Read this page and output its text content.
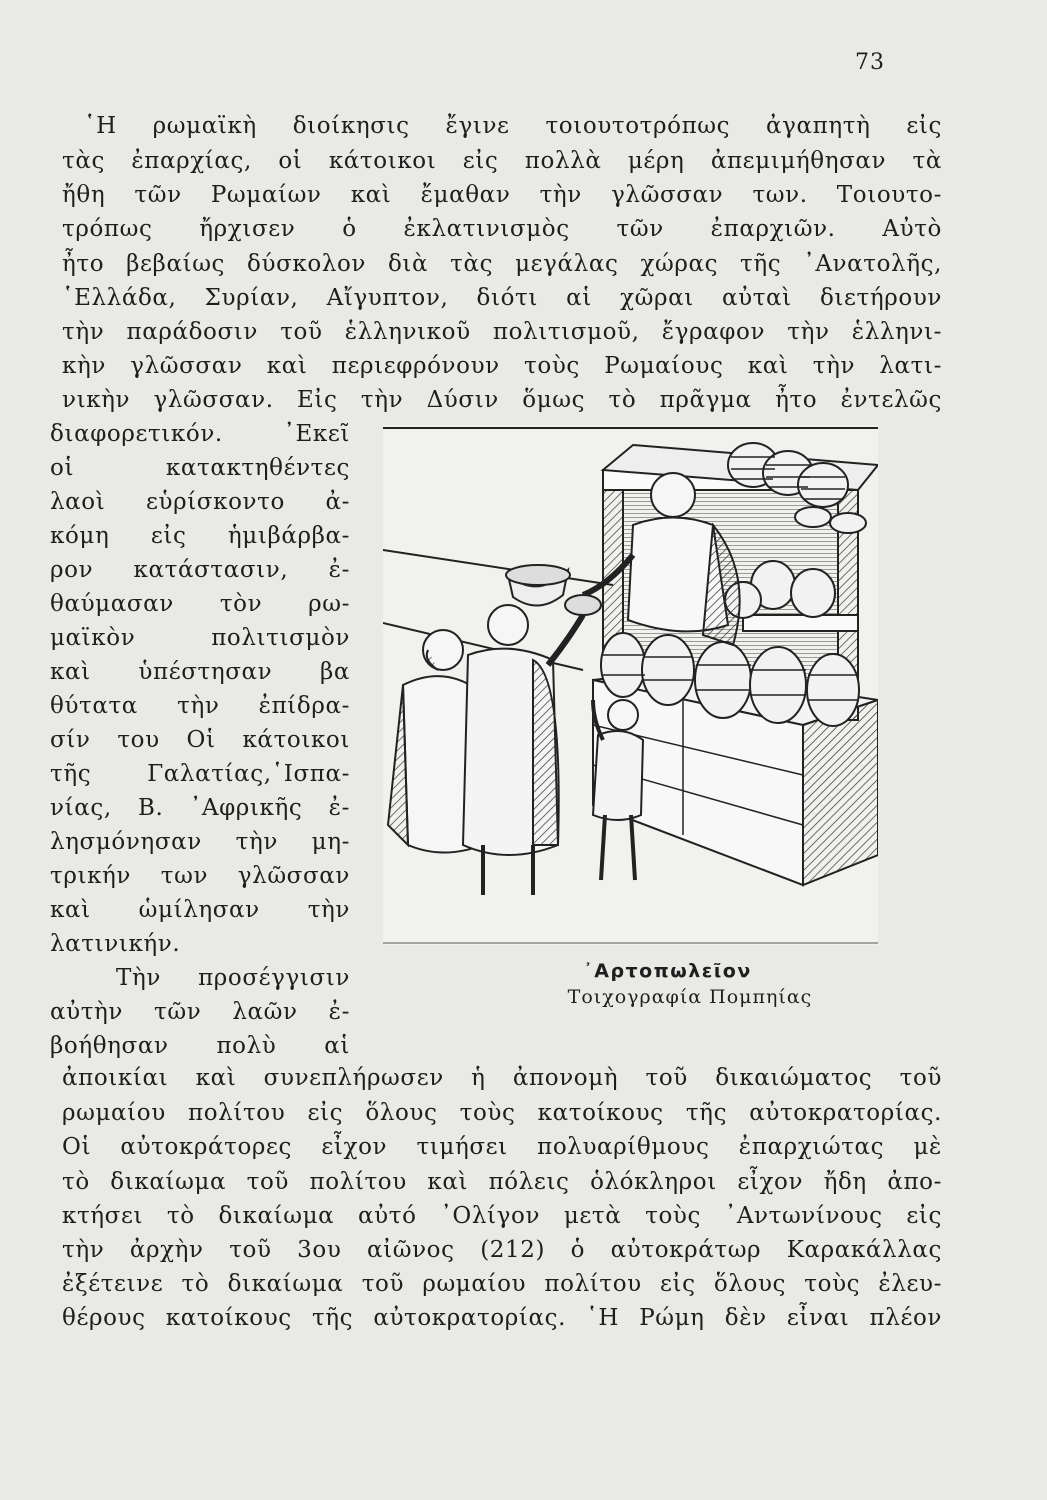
73
῾Η ρωμαϊκὴ διοίκησις ἔγινε τοιουτοτρόπως ἀγαπητὴ εἰς
τὰς ἐπαρχίας, οἱ κάτοικοι εἰς πολλὰ μέρη ἀπεμιμήθησαν τὰ
ἤθη τῶν Ρωμαίων καὶ ἔμαθαν τὴν γλῶσσαν των. Τοιουτο-
τρόπως ἤρχισεν ὁ ἐκλατινισμὸς τῶν ἐπαρχιῶν. Αὐτὸ
ἦτο βεβαίως δύσκολον διὰ τὰς μεγάλας χώρας τῆς ᾿Ανατολῆς,
῾Ελλάδα, Συρίαν, Αἴγυπτον, διότι αἱ χῶραι αὐταὶ διετήρουν
τὴν παράδοσιν τοῦ ἑλληνικοῦ πολιτισμοῦ, ἔγραφον τὴν ἑλληνι-
κὴν γλῶσσαν καὶ περιεφρόνουν τοὺς Ρωμαίους καὶ τὴν λατι-
νικὴν γλῶσσαν. Εἰς τὴν Δύσιν ὅμως τὸ πρᾶγμα ἦτο ἐντελῶς
διαφορετικόν. ᾿Εκεῖ
οἱ κατακτηθέντες
λαοὶ εὑρίσκοντο ἀ-
κόμη εἰς ἡμιβάρβα-
ρον κατάστασιν, ἐ-
θαύμασαν τὸν ρω-
μαϊκὸν πολιτισμὸν
καὶ ὑπέστησαν βα
θύτατα τὴν ἐπίδρα-
σίν του Οἱ κάτοικοι
τῆς Γαλατίας,῾Ισπα-
νίας, Β. ᾿Αφρικῆς ἐ-
λησμόνησαν τὴν μη-
τρικήν των γλῶσσαν
καὶ ὡμίλησαν τὴν
λατινικήν.
Τὴν προσέγγισιν
αὐτὴν τῶν λαῶν ἐ-
βοήθησαν πολὺ αἱ
᾿Αρτοπωλεῖον
Τοιχογραφία Πομπηίας
ἀποικίαι καὶ συνεπλήρωσεν ἡ ἀπονομὴ τοῦ δικαιώματος τοῦ
ρωμαίου πολίτου εἰς ὅλους τοὺς κατοίκους τῆς αὐτοκρατορίας.
Οἱ αὐτοκράτορες εἶχον τιμήσει πολυαρίθμους ἐπαρχιώτας μὲ
τὸ δικαίωμα τοῦ πολίτου καὶ πόλεις ὁλόκληροι εἶχον ἤδη ἀπο-
κτήσει τὸ δικαίωμα αὐτό ᾿Ολίγον μετὰ τοὺς ᾿Αντωνίνους εἰς
τὴν ἀρχὴν τοῦ 3ου αἰῶνος (212) ὁ αὐτοκράτωρ Καρακάλλας
ἐξέτεινε τὸ δικαίωμα τοῦ ρωμαίου πολίτου εἰς ὅλους τοὺς ἐλευ-
θέρους κατοίκους τῆς αὐτοκρατορίας. ῾Η Ρώμη δὲν εἶναι πλέον
